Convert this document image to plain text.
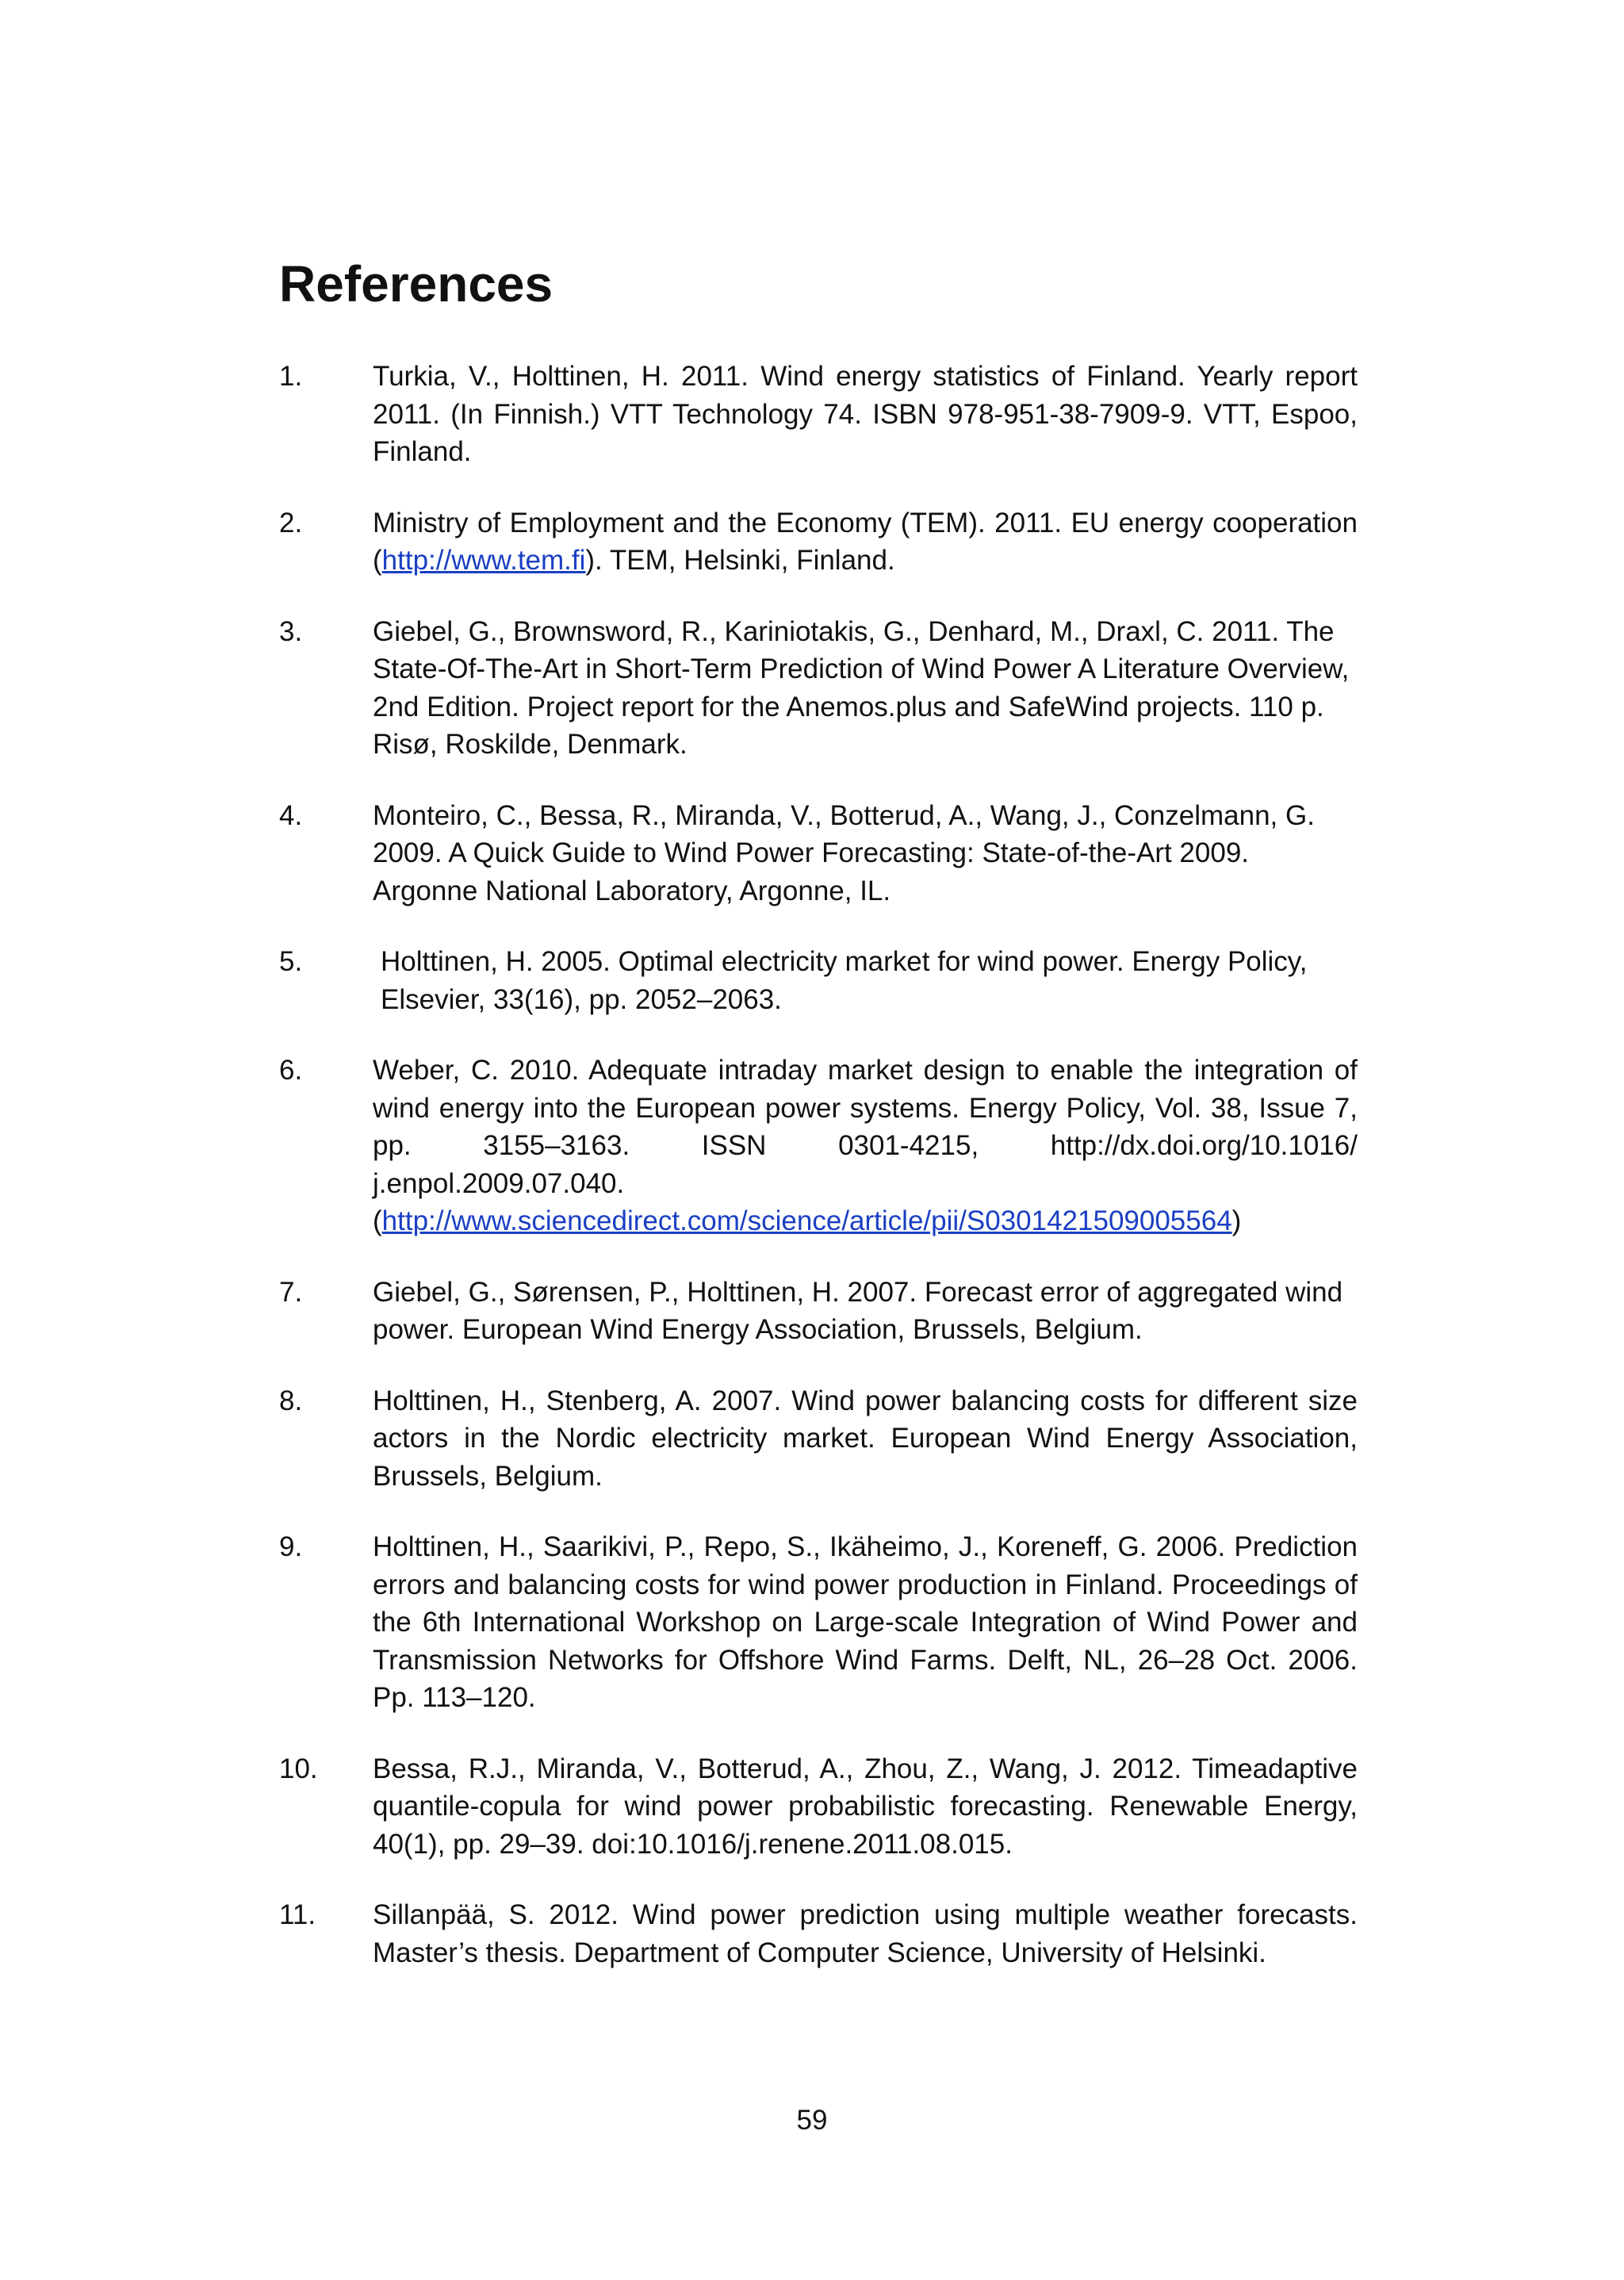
References
1.	Turkia, V., Holttinen, H. 2011. Wind energy statistics of Finland. Yearly report 2011. (In Finnish.) VTT Technology 74. ISBN 978-951-38-7909-9. VTT, Espoo, Finland.
2.	Ministry of Employment and the Economy (TEM). 2011. EU energy cooperation (http://www.tem.fi). TEM, Helsinki, Finland.
3.	Giebel, G., Brownsword, R., Kariniotakis, G., Denhard, M., Draxl, C. 2011. The State-Of-The-Art in Short-Term Prediction of Wind Power A Literature Overview, 2nd Edition. Project report for the Anemos.plus and SafeWind projects. 110 p. Risø, Roskilde, Denmark.
4.	Monteiro, C., Bessa, R., Miranda, V., Botterud, A., Wang, J., Conzelmann, G. 2009. A Quick Guide to Wind Power Forecasting: State-of-the-Art 2009. Argonne National Laboratory, Argonne, IL.
5.	Holttinen, H. 2005. Optimal electricity market for wind power. Energy Policy, Elsevier, 33(16), pp. 2052–2063.
6.	Weber, C. 2010. Adequate intraday market design to enable the integration of wind energy into the European power systems. Energy Policy, Vol. 38, Issue 7, pp. 3155–3163. ISSN 0301-4215, http://dx.doi.org/10.1016/ j.enpol.2009.07.040. (http://www.sciencedirect.com/science/article/pii/S0301421509005564)
7.	Giebel, G., Sørensen, P., Holttinen, H. 2007. Forecast error of aggregated wind power. European Wind Energy Association, Brussels, Belgium.
8.	Holttinen, H., Stenberg, A. 2007. Wind power balancing costs for different size actors in the Nordic electricity market. European Wind Energy Association, Brussels, Belgium.
9.	Holttinen, H., Saarikivi, P., Repo, S., Ikäheimo, J., Koreneff, G. 2006. Prediction errors and balancing costs for wind power production in Finland. Proceedings of the 6th International Workshop on Large-scale Integration of Wind Power and Transmission Networks for Offshore Wind Farms. Delft, NL, 26–28 Oct. 2006. Pp. 113–120.
10.	Bessa, R.J., Miranda, V., Botterud, A., Zhou, Z., Wang, J. 2012. Timeadaptive quantile-copula for wind power probabilistic forecasting. Renewable Energy, 40(1), pp. 29–39. doi:10.1016/j.renene.2011.08.015.
11.	Sillanpää, S. 2012. Wind power prediction using multiple weather forecasts. Master’s thesis. Department of Computer Science, University of Helsinki.
59
